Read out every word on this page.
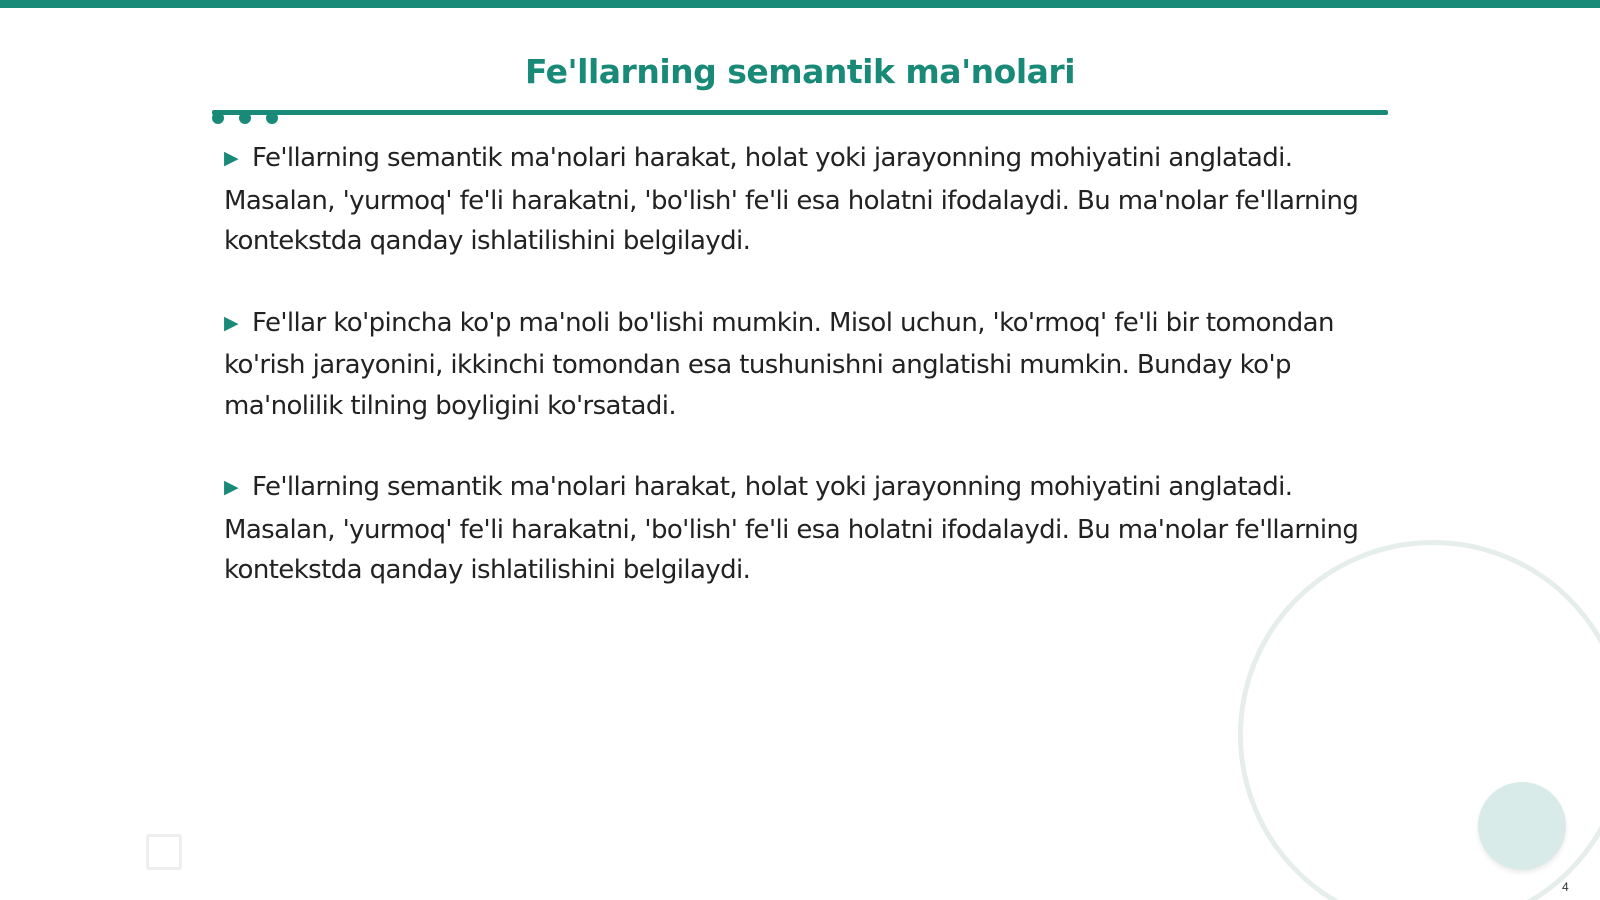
Fe'llarning semantik ma'nolari

▶ Fe'llarning semantik ma'nolari harakat, holat yoki jarayonning mohiyatini anglatadi. Masalan, 'yurmoq' fe'li harakatni, 'bo'lish' fe'li esa holatni ifodalaydi. Bu ma'nolar fe'llarning kontekstda qanday ishlatilishini belgilaydi.

▶ Fe'llar ko'pincha ko'p ma'noli bo'lishi mumkin. Misol uchun, 'ko'rmoq' fe'li bir tomondan ko'rish jarayonini, ikkinchi tomondan esa tushunishni anglatishi mumkin. Bunday ko'p ma'nolilik tilning boyligini ko'rsatadi.

▶ Fe'llarning semantik ma'nolari harakat, holat yoki jarayonning mohiyatini anglatadi. Masalan, 'yurmoq' fe'li harakatni, 'bo'lish' fe'li esa holatni ifodalaydi. Bu ma'nolar fe'llarning kontekstda qanday ishlatilishini belgilaydi.

4
